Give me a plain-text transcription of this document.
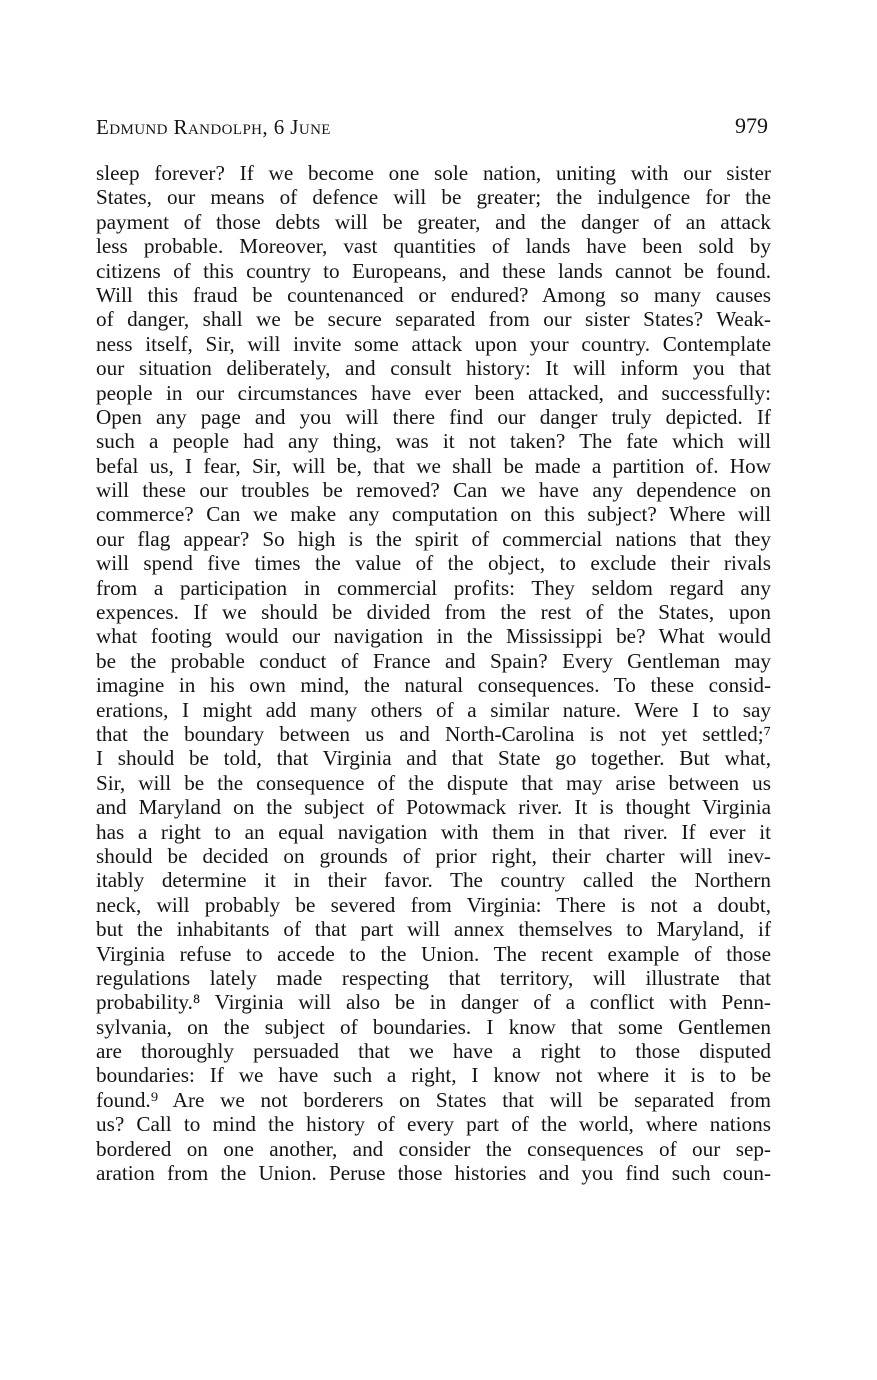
Edmund Randolph, 6 June	979
sleep forever? If we become one sole nation, uniting with our sister
States, our means of defence will be greater; the indulgence for the
payment of those debts will be greater, and the danger of an attack
less probable. Moreover, vast quantities of lands have been sold by
citizens of this country to Europeans, and these lands cannot be found.
Will this fraud be countenanced or endured? Among so many causes
of danger, shall we be secure separated from our sister States? Weak-
ness itself, Sir, will invite some attack upon your country. Contemplate
our situation deliberately, and consult history: It will inform you that
people in our circumstances have ever been attacked, and successfully:
Open any page and you will there find our danger truly depicted. If
such a people had any thing, was it not taken? The fate which will
befal us, I fear, Sir, will be, that we shall be made a partition of. How
will these our troubles be removed? Can we have any dependence on
commerce? Can we make any computation on this subject? Where will
our flag appear? So high is the spirit of commercial nations that they
will spend five times the value of the object, to exclude their rivals
from a participation in commercial profits: They seldom regard any
expences. If we should be divided from the rest of the States, upon
what footing would our navigation in the Mississippi be? What would
be the probable conduct of France and Spain? Every Gentleman may
imagine in his own mind, the natural consequences. To these consid-
erations, I might add many others of a similar nature. Were I to say
that the boundary between us and North-Carolina is not yet settled;⁷
I should be told, that Virginia and that State go together. But what,
Sir, will be the consequence of the dispute that may arise between us
and Maryland on the subject of Potowmack river. It is thought Virginia
has a right to an equal navigation with them in that river. If ever it
should be decided on grounds of prior right, their charter will inev-
itably determine it in their favor. The country called the Northern
neck, will probably be severed from Virginia: There is not a doubt,
but the inhabitants of that part will annex themselves to Maryland, if
Virginia refuse to accede to the Union. The recent example of those
regulations lately made respecting that territory, will illustrate that
probability.⁸ Virginia will also be in danger of a conflict with Penn-
sylvania, on the subject of boundaries. I know that some Gentlemen
are thoroughly persuaded that we have a right to those disputed
boundaries: If we have such a right, I know not where it is to be
found.⁹ Are we not borderers on States that will be separated from
us? Call to mind the history of every part of the world, where nations
bordered on one another, and consider the consequences of our sep-
aration from the Union. Peruse those histories and you find such coun-
